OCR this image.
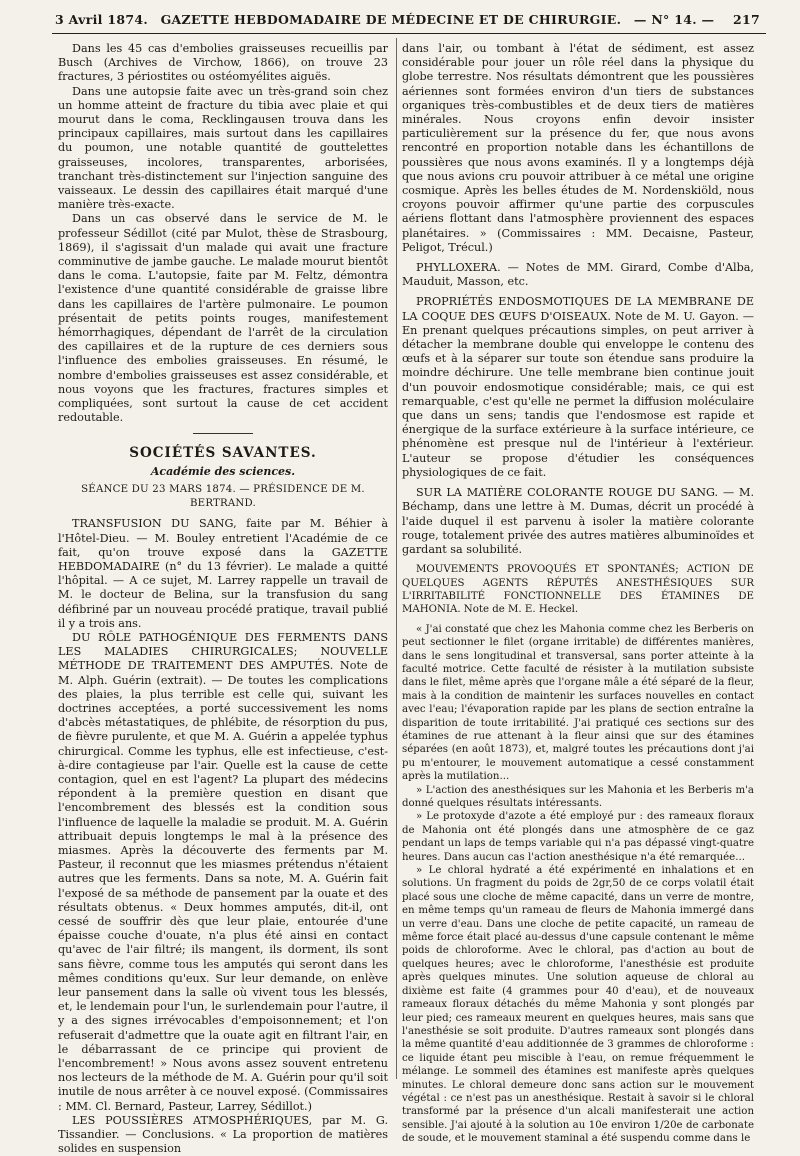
3 Avril 1874. GAZETTE HEBDOMADAIRE DE MÉDECINE ET DE CHIRURGIE. — N° 14. — 217

Dans les 45 cas d'embolies graisseuses recueillis par Busch (Archives de Virchow, 1866), on trouve 23 fractures, 3 périostites ou ostéomyélites aiguës.

Dans une autopsie faite avec un très-grand soin chez un homme atteint de fracture du tibia avec plaie et qui mourut dans le coma, Recklingausen trouva dans les principaux capillaires, mais surtout dans les capillaires du poumon, une notable quantité de gouttelettes graisseuses, incolores, transparentes, arborisées, tranchant très-distinctement sur l'injection sanguine des vaisseaux. Le dessin des capillaires était marqué d'une manière très-exacte.

Dans un cas observé dans le service de M. le professeur Sédillot (cité par Mulot, thèse de Strasbourg, 1869), il s'agissait d'un malade qui avait une fracture comminutive de jambe gauche. Le malade mourut bientôt dans le coma. L'autopsie, faite par M. Feltz, démontra l'existence d'une quantité considérable de graisse libre dans les capillaires de l'artère pulmonaire. Le poumon présentait de petits points rouges, manifestement hémorrhagiques, dépendant de l'arrêt de la circulation des capillaires et de la rupture de ces derniers sous l'influence des embolies graisseuses. En résumé, le nombre d'embolies graisseuses est assez considérable, et nous voyons que les fractures, fractures simples et compliquées, sont surtout la cause de cet accident redoutable.

SOCIÉTÉS SAVANTES.
Académie des sciences.
SÉANCE DU 23 MARS 1874. — PRÉSIDENCE DE M. BERTRAND.

TRANSFUSION DU SANG, faite par M. Béhier à l'Hôtel-Dieu. — M. Bouley entretient l'Académie de ce fait, qu'on trouve exposé dans la GAZETTE HEBDOMADAIRE (n° du 13 février). Le malade a quitté l'hôpital. — A ce sujet, M. Larrey rappelle un travail de M. le docteur de Belina, sur la transfusion du sang défibriné par un nouveau procédé pratique, travail publié il y a trois ans.

DU RÔLE PATHOGÉNIQUE DES FERMENTS DANS LES MALADIES CHIRURGICALES; NOUVELLE MÉTHODE DE TRAITEMENT DES AMPUTÉS. Note de M. Alph. Guérin (extrait). — De toutes les complications des plaies, la plus terrible est celle qui, suivant les doctrines acceptées, a porté successivement les noms d'abcès métastatiques, de phlébite, de résorption du pus, de fièvre purulente, et que M. A. Guérin a appelée typhus chirurgical. Comme les typhus, elle est infectieuse, c'est-à-dire contagieuse par l'air. Quelle est la cause de cette contagion, quel en est l'agent? La plupart des médecins répondent à la première question en disant que l'encombrement des blessés est la condition sous l'influence de laquelle la maladie se produit. M. A. Guérin attribuait depuis longtemps le mal à la présence des miasmes. Après la découverte des ferments par M. Pasteur, il reconnut que les miasmes prétendus n'étaient autres que les ferments. Dans sa note, M. A. Guérin fait l'exposé de sa méthode de pansement par la ouate et des résultats obtenus. « Deux hommes amputés, dit-il, ont cessé de souffrir dès que leur plaie, entourée d'une épaisse couche d'ouate, n'a plus été ainsi en contact qu'avec de l'air filtré; ils mangent, ils dorment, ils sont sans fièvre, comme tous les amputés qui seront dans les mêmes conditions qu'eux. Sur leur demande, on enlève leur pansement dans la salle où vivent tous les blessés, et, le lendemain pour l'un, le surlendemain pour l'autre, il y a des signes irrévocables d'empoisonnement; et l'on refuserait d'admettre que la ouate agit en filtrant l'air, en le débarrassant de ce principe qui provient de l'encombrement! » Nous avons assez souvent entretenu nos lecteurs de la méthode de M. A. Guérin pour qu'il soit inutile de nous arrêter à ce nouvel exposé. (Commissaires : MM. Cl. Bernard, Pasteur, Larrey, Sédillot.)

LES POUSSIÈRES ATMOSPHÉRIQUES, par M. G. Tissandier. — Conclusions. « La proportion de matières solides en suspension

dans l'air, ou tombant à l'état de sédiment, est assez considérable pour jouer un rôle réel dans la physique du globe terrestre. Nos résultats démontrent que les poussières aériennes sont formées environ d'un tiers de substances organiques très-combustibles et de deux tiers de matières minérales. Nous croyons enfin devoir insister particulièrement sur la présence du fer, que nous avons rencontré en proportion notable dans les échantillons de poussières que nous avons examinés. Il y a longtemps déjà que nous avions cru pouvoir attribuer à ce métal une origine cosmique. Après les belles études de M. Nordenskiöld, nous croyons pouvoir affirmer qu'une partie des corpuscules aériens flottant dans l'atmosphère proviennent des espaces planétaires. » (Commissaires : MM. Decaisne, Pasteur, Peligot, Trécul.)

PHYLLOXERA. — Notes de MM. Girard, Combe d'Alba, Mauduit, Masson, etc.

PROPRIÉTÉS ENDOSMOTIQUES DE LA MEMBRANE DE LA COQUE DES ŒUFS D'OISEAUX. Note de M. U. Gayon. — En prenant quelques précautions simples, on peut arriver à détacher la membrane double qui enveloppe le contenu des œufs et à la séparer sur toute son étendue sans produire la moindre déchirure. Une telle membrane bien continue jouit d'un pouvoir endosmotique considérable; mais, ce qui est remarquable, c'est qu'elle ne permet la diffusion moléculaire que dans un sens; tandis que l'endosmose est rapide et énergique de la surface extérieure à la surface intérieure, ce phénomène est presque nul de l'intérieur à l'extérieur. L'auteur se propose d'étudier les conséquences physiologiques de ce fait.

SUR LA MATIÈRE COLORANTE ROUGE DU SANG. — M. Béchamp, dans une lettre à M. Dumas, décrit un procédé à l'aide duquel il est parvenu à isoler la matière colorante rouge, totalement privée des autres matières albuminoïdes et gardant sa solubilité.

MOUVEMENTS PROVOQUÉS ET SPONTANÉS; ACTION DE QUELQUES AGENTS RÉPUTÉS ANESTHÉSIQUES SUR L'IRRITABILITÉ FONCTIONNELLE DES ÉTAMINES DE MAHONIA. Note de M. E. Heckel.

« J'ai constaté que chez les Mahonia comme chez les Berberis on peut sectionner le filet (organe irritable) de différentes manières, dans le sens longitudinal et transversal, sans porter atteinte à la faculté motrice. Cette faculté de résister à la mutilation subsiste dans le filet, même après que l'organe mâle a été séparé de la fleur, mais à la condition de maintenir les surfaces nouvelles en contact avec l'eau; l'évaporation rapide par les plans de section entraîne la disparition de toute irritabilité. J'ai pratiqué ces sections sur des étamines de rue attenant à la fleur ainsi que sur des étamines séparées (en août 1873), et, malgré toutes les précautions dont j'ai pu m'entourer, le mouvement automatique a cessé constamment après la mutilation...

» L'action des anesthésiques sur les Mahonia et les Berberis m'a donné quelques résultats intéressants.

» Le protoxyde d'azote a été employé pur : des rameaux floraux de Mahonia ont été plongés dans une atmosphère de ce gaz pendant un laps de temps variable qui n'a pas dépassé vingt-quatre heures. Dans aucun cas l'action anesthésique n'a été remarquée...

» Le chloral hydraté a été expérimenté en inhalations et en solutions. Un fragment du poids de 2gr,50 de ce corps volatil était placé sous une cloche de même capacité, dans un verre de montre, en même temps qu'un rameau de fleurs de Mahonia immergé dans un verre d'eau. Dans une cloche de petite capacité, un rameau de même force était placé au-dessus d'une capsule contenant le même poids de chloroforme. Avec le chloral, pas d'action au bout de quelques heures; avec le chloroforme, l'anesthésie est produite après quelques minutes. Une solution aqueuse de chloral au dixième est faite (4 grammes pour 40 d'eau), et de nouveaux rameaux floraux détachés du même Mahonia y sont plongés par leur pied; ces rameaux meurent en quelques heures, mais sans que l'anesthésie se soit produite. D'autres rameaux sont plongés dans la même quantité d'eau additionnée de 3 grammes de chloroforme : ce liquide étant peu miscible à l'eau, on remue fréquemment le mélange. Le sommeil des étamines est manifeste après quelques minutes. Le chloral demeure donc sans action sur le mouvement végétal : ce n'est pas un anesthésique. Restait à savoir si le chloral transformé par la présence d'un alcali manifesterait une action sensible. J'ai ajouté à la solution au 10e environ 1/20e de carbonate de soude, et le mouvement staminal a été suspendu comme dans le
